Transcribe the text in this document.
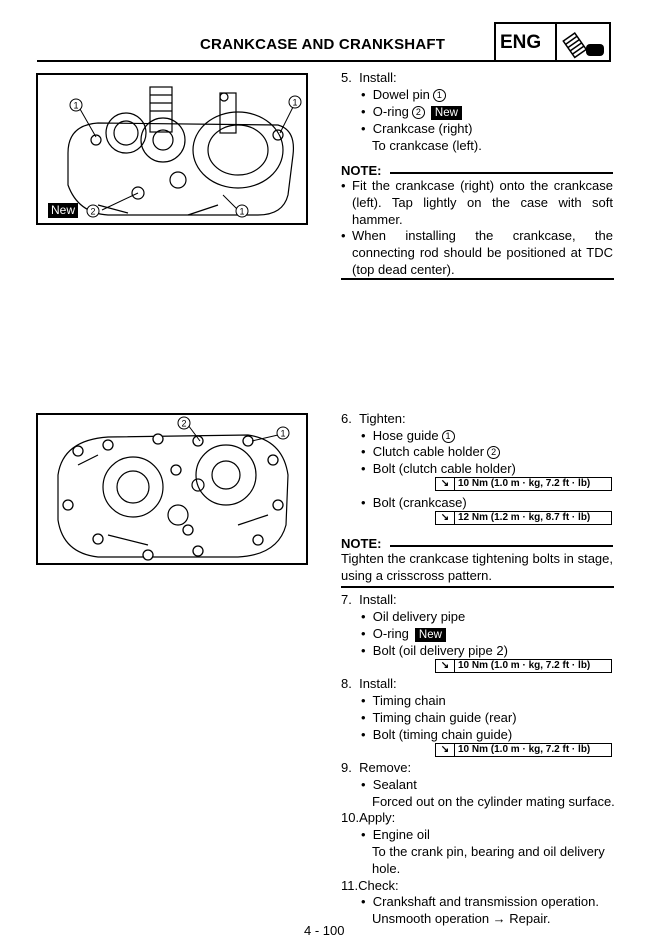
CRANKCASE AND CRANKSHAFT	ENG
1	1
2	1
New
2
1
5. Install:
•  Dowel pin 1
•  O-ring 2 New
•  Crankcase (right)
To crankcase (left).
NOTE:
• Fit the crankcase (right) onto the crankcase (left). Tap lightly on the case with soft hammer.
• When installing the crankcase, the connecting rod should be positioned at TDC (top dead center).
6. Tighten:
•  Hose guide 1
•  Clutch cable holder 2
•  Bolt (clutch cable holder)
↘ 10 Nm (1.0 m · kg, 7.2 ft · lb)
•  Bolt (crankcase)
↘ 12 Nm (1.2 m · kg, 8.7 ft · lb)
NOTE:
Tighten the crankcase tightening bolts in stage, using a crisscross pattern.
7. Install:
•  Oil delivery pipe
•  O-ring New
•  Bolt (oil delivery pipe 2)
↘ 10 Nm (1.0 m · kg, 7.2 ft · lb)
8. Install:
•  Timing chain
•  Timing chain guide (rear)
•  Bolt (timing chain guide)
↘ 10 Nm (1.0 m · kg, 7.2 ft · lb)
9. Remove:
•  Sealant
Forced out on the cylinder mating surface.
10.Apply:
•  Engine oil
To the crank pin, bearing and oil delivery
hole.
11.Check:
•  Crankshaft and transmission operation.
Unsmooth operation → Repair.
4 - 100
